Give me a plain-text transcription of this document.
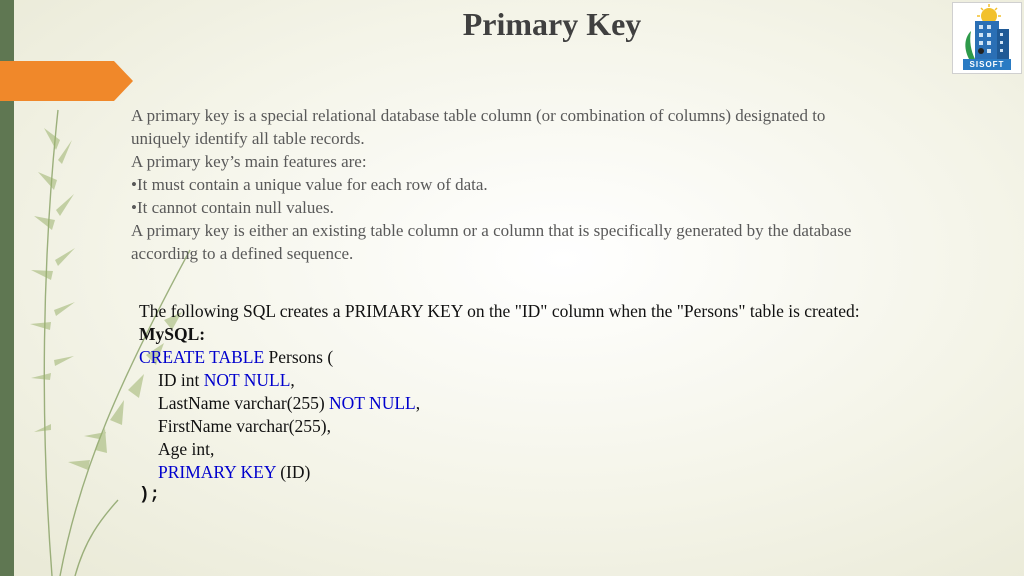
Primary Key
SISOFT
A primary key is a special relational database table column (or combination of columns) designated to
uniquely identify all table records.
A primary key’s main features are:
•It must contain a unique value for each row of data.
•It cannot contain null values.
A primary key is either an existing table column or a column that is specifically generated by the database
according to a defined sequence.
The following SQL creates a PRIMARY KEY on the "ID" column when the "Persons" table is created:
MySQL:
CREATE TABLE Persons (
ID int NOT NULL,
LastName varchar(255) NOT NULL,
FirstName varchar(255),
Age int,
PRIMARY KEY (ID)
);
